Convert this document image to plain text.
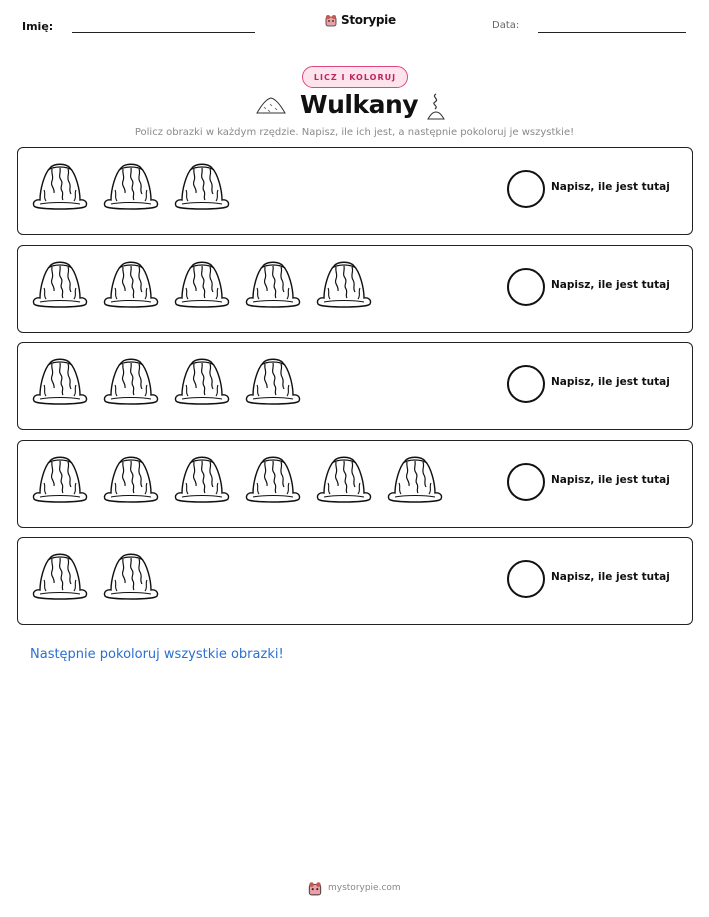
Imię:	Storypie	Data:
LICZ I KOLORUJ
Wulkany
Policz obrazki w każdym rzędzie. Napisz, ile ich jest, a następnie pokoloruj je wszystkie!
Napisz, ile jest tutaj
Napisz, ile jest tutaj
Napisz, ile jest tutaj
Napisz, ile jest tutaj
Napisz, ile jest tutaj
Następnie pokoloruj wszystkie obrazki!
mystorypie.com
